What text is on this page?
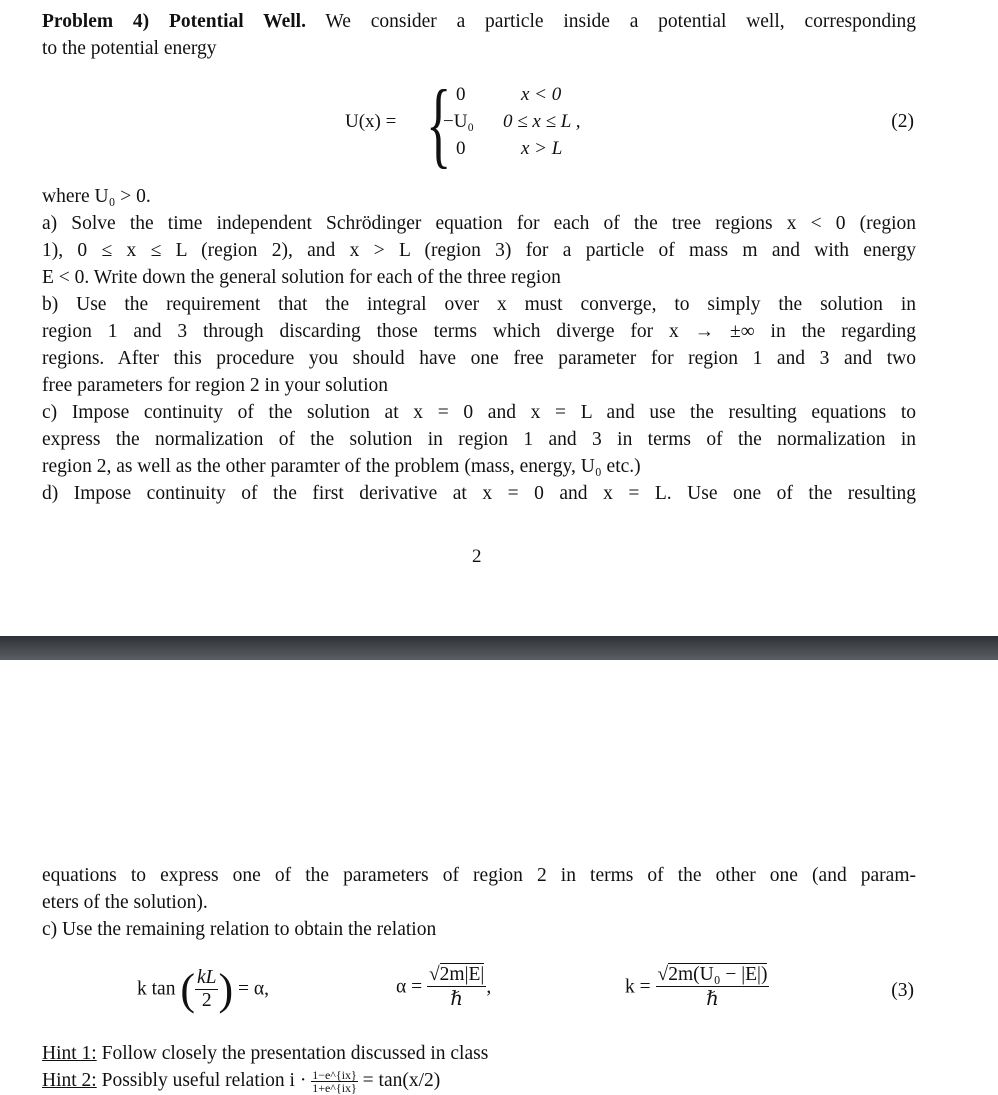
Problem 4) Potential Well. We consider a particle inside a potential well, corresponding
to the potential energy
U(x) = { 0	x < 0
−U₀ 0 ≤ x ≤ L ,
0	x > L
(2)
where U₀ > 0.
a) Solve the time independent Schrödinger equation for each of the tree regions x < 0 (region
1), 0 ≤ x ≤ L (region 2), and x > L (region 3) for a particle of mass m and with energy
E < 0. Write down the general solution for each of the three region
b) Use the requirement that the integral over x must converge, to simply the solution in
region 1 and 3 through discarding those terms which diverge for x → ±∞ in the regarding
regions. After this procedure you should have one free parameter for region 1 and 3 and two
free parameters for region 2 in your solution
c) Impose continuity of the solution at x = 0 and x = L and use the resulting equations to
express the normalization of the solution in region 1 and 3 in terms of the normalization in
region 2, as well as the other paramter of the problem (mass, energy, U₀ etc.)
d) Impose continuity of the first derivative at x = 0 and x = L. Use one of the resulting
2
equations to express one of the parameters of region 2 in terms of the other one (and param-
eters of the solution).
c) Use the remaining relation to obtain the relation
k tan ( $\frac{kL}{2}$ ) = α,	$\alpha = \frac{√2m|E|}{\text{ℏ}}$ ,	$k = \frac{\text{√2m(U₀ − |E|)}}{\text{ℏ}}$	(3)
Hint 1: Follow closely the presentation discussed in class
Hint 2: Possibly useful relation $i \cdot \frac{1-e\^{}\{ix\}}{1+e\^{}\{ix\}} = \tan(x/2)$
